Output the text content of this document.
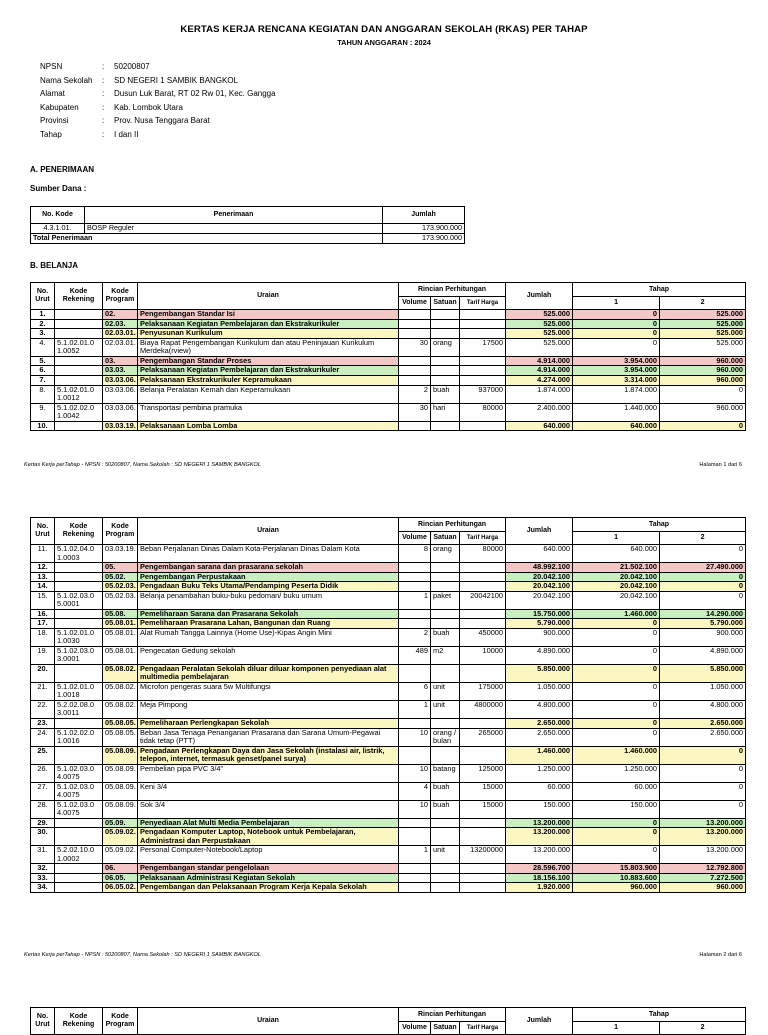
KERTAS KERJA RENCANA KEGIATAN DAN ANGGARAN SEKOLAH (RKAS) PER TAHAP
TAHUN ANGGARAN : 2024
NPSN	:	50200807
Nama Sekolah	:	SD NEGERI 1 SAMBIK BANGKOL
Alamat	:	Dusun Luk Barat, RT 02 Rw 01, Kec. Gangga
Kabupaten	:	Kab. Lombok Utara
Provinsi	:	Prov. Nusa Tenggara Barat
Tahap	:	I dan II
A. PENERIMAAN
Sumber Dana :
No. Kode	Penerimaan	Jumlah
4.3.1.01.	BOSP Reguler	173.900.000
Total Penerimaan		173.900.000
B. BELANJA
No. Urut	Kode Rekening	Kode Program	Uraian	Rincian Perhitungan			Jumlah	Tahap	
				Volume	Satuan	Tarif Harga		1	2
1.		02.	Pengembangan Standar Isi				525.000	0	525.000
2.		02.03.	Pelaksanaan Kegiatan Pembelajaran dan Ekstrakurikuler				525.000	0	525.000
3.		02.03.01.	Penyusunan Kurikulum				525.000	0	525.000
4.	5.1.02.01.01.0052	02.03.01.	Biaya Rapat Pengembangan Kurikulum dan atau Peninjauan Kurikulum Merdeka(rview)	30	orang	17500	525.000	0	525.000
5.		03.	Pengembangan Standar Proses				4.914.000	3.954.000	960.000
6.		03.03.	Pelaksanaan Kegiatan Pembelajaran dan Ekstrakurikuler				4.914.000	3.954.000	960.000
7.		03.03.06.	Pelaksanaan Ekstrakurikuler Kepramukaan				4.274.000	3.314.000	960.000
8.	5.1.02.01.01.0012	03.03.06.	Belanja Peralatan Kemah dan Keperamukaan	2	buah	937000	1.874.000	1.874.000	0
9.	5.1.02.02.01.0042	03.03.06.	Transportasi pembina pramuka	30	hari	80000	2.400.000	1.440.000	960.000
10.		03.03.19.	Pelaksanaan Lomba Lomba				640.000	640.000	0
Kertas Kerja perTahap - NPSN : 50200807, Nama Sekolah : SD NEGERI 1 SAMBIK BANGKOL	Halaman 1 dari 6
No. Urut	Kode Rekening	Kode Program	Uraian	Rincian Perhitungan			Jumlah	Tahap	
				Volume	Satuan	Tarif Harga		1	2
11.	5.1.02.04.01.0003	03.03.19.	Beban Perjalanan Dinas Dalam Kota-Perjalanan Dinas Dalam Kota	8	orang	80000	640.000	640.000	0
12.		05.	Pengembangan sarana dan prasarana sekolah				48.992.100	21.502.100	27.490.000
13.		05.02.	Pengembangan Perpustakaan				20.042.100	20.042.100	0
14.		05.02.03.	Pengadaan Buku Teks Utama/Pendamping Peserta Didik				20.042.100	20.042.100	0
15.	5.1.02.03.05.0001	05.02.03.	Belanja penambahan buku-buku pedoman/ buku umum	1	paket	20042100	20.042.100	20.042.100	0
16.		05.08.	Pemeliharaan Sarana dan Prasarana Sekolah				15.750.000	1.460.000	14.290.000
17.		05.08.01.	Pemeliharaan Prasarana Lahan, Bangunan dan Ruang				5.790.000	0	5.790.000
18.	5.1.02.01.01.0030	05.08.01.	Alat Rumah Tangga Lainnya (Home Use)-Kipas Angin Mini	2	buah	450000	900.000	0	900.000
19.	5.1.02.03.03.0001	05.08.01.	Pengecatan Gedung sekolah	489	m2	10000	4.890.000	0	4.890.000
20.		05.08.02.	Pengadaan Peralatan Sekolah diluar diluar komponen penyediaan alat multimedia pembelajaran				5.850.000	0	5.850.000
21.	5.1.02.01.01.0018	05.08.02.	Microfon pengeras suara 5w Multifungsi	6	unit	175000	1.050.000	0	1.050.000
22.	5.2.02.08.03.0011	05.08.02.	Meja Pimpong	1	unit	4800000	4.800.000	0	4.800.000
23.		05.08.05.	Pemeliharaan Perlengkapan Sekolah				2.650.000	0	2.650.000
24.	5.1.02.02.01.0016	05.08.05.	Beban Jasa Tenaga Penanganan Prasarana dan Sarana Umum-Pegawai tidak tetap (PTT)	10	orang / bulan	265000	2.650.000	0	2.650.000
25.		05.08.09.	Pengadaan Perlengkapan Daya dan Jasa Sekolah (instalasi air, listrik, telepon, internet, termasuk genset/panel surya)				1.460.000	1.460.000	0
26.	5.1.02.03.04.0075	05.08.09.	Pembelian pipa PVC 3/4"	10	batang	125000	1.250.000	1.250.000	0
27.	5.1.02.03.04.0075	05.08.09.	Keni 3/4	4	buah	15000	60.000	60.000	0
28.	5.1.02.03.04.0075	05.08.09.	Sok 3/4	10	buah	15000	150.000	150.000	0
29.		05.09.	Penyediaan Alat Multi Media Pembelajaran				13.200.000	0	13.200.000
30.		05.09.02.	Pengadaan Komputer Laptop, Notebook untuk Pembelajaran, Administrasi dan Perpustakaan				13.200.000	0	13.200.000
31.	5.2.02.10.01.0002	05.09.02.	Personal Computer-Notebook/Laptop	1	unit	13200000	13.200.000	0	13.200.000
32.		06.	Pengembangan standar pengelolaan				28.596.700	15.803.900	12.792.800
33.		06.05.	Pelaksanaan Administrasi Kegiatan Sekolah				18.156.100	10.883.600	7.272.500
34.		06.05.02.	Pengembangan dan Pelaksanaan Program Kerja Kepala Sekolah				1.920.000	960.000	960.000
Kertas Kerja perTahap - NPSN : 50200807, Nama Sekolah : SD NEGERI 1 SAMBIK BANGKOL	Halaman 2 dari 6
No. Urut	Kode Rekening	Kode Program	Uraian	Rincian Perhitungan			Jumlah	Tahap	
				Volume	Satuan	Tarif Harga		1	2
